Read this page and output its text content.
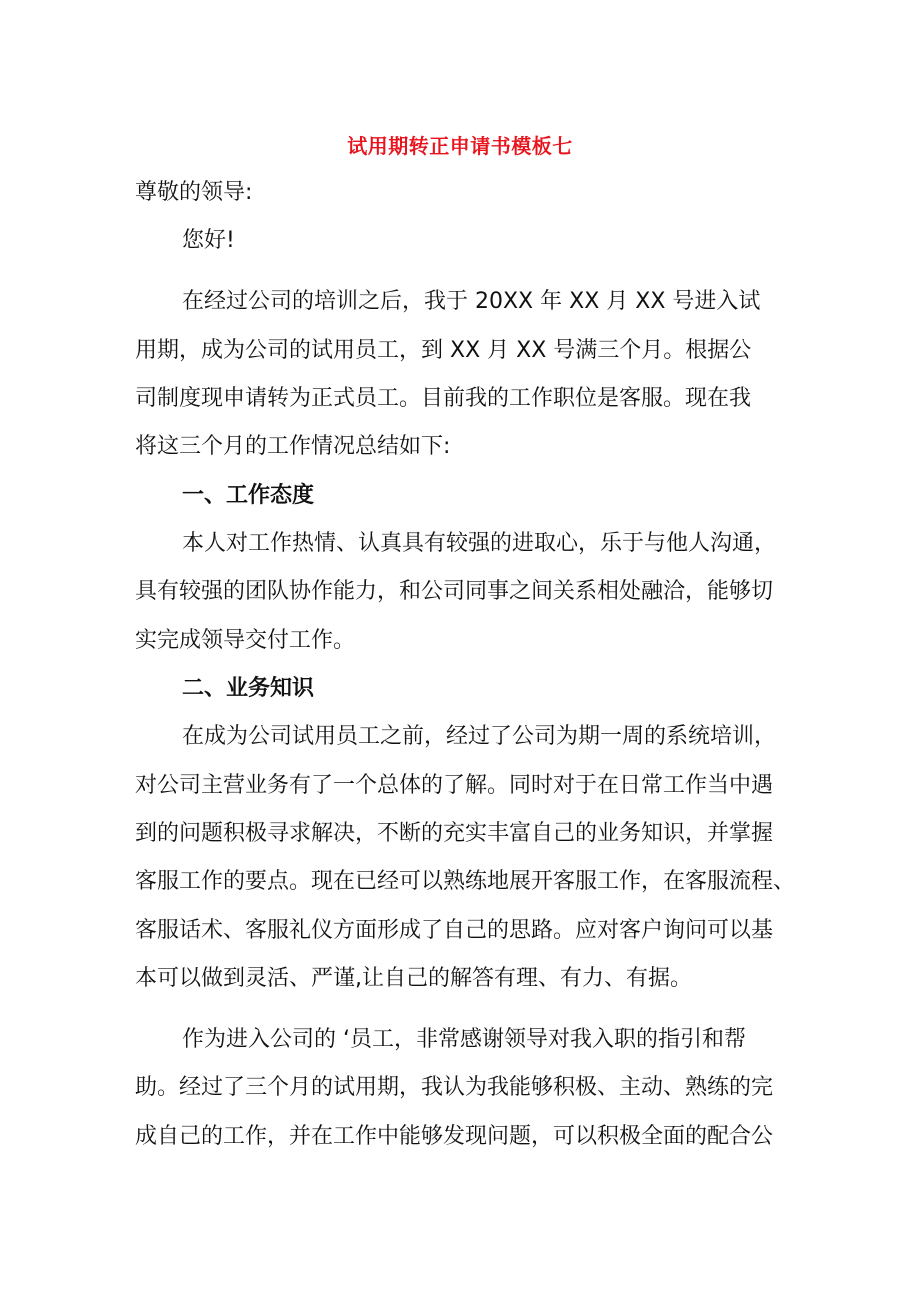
试用期转正申请书模板七
尊敬的领导:
您好!
在经过公司的培训之后，我于 20XX 年 XX 月 XX 号进入试
用期，成为公司的试用员工，到 XX 月 XX 号满三个月。根据公
司制度现申请转为正式员工。目前我的工作职位是客服。现在我
将这三个月的工作情况总结如下:
一、工作态度
本人对工作热情、认真具有较强的进取心，乐于与他人沟通，
具有较强的团队协作能力，和公司同事之间关系相处融洽，能够切
实完成领导交付工作。
二、业务知识
在成为公司试用员工之前，经过了公司为期一周的系统培训，
对公司主营业务有了一个总体的了解。同时对于在日常工作当中遇
到的问题积极寻求解决，不断的充实丰富自己的业务知识，并掌握
客服工作的要点。现在已经可以熟练地展开客服工作，在客服流程、
客服话术、客服礼仪方面形成了自己的思路。应对客户询问可以基
本可以做到灵活、严谨,让自己的解答有理、有力、有据。
作为进入公司的 ‘员工，非常感谢领导对我入职的指引和帮
助。经过了三个月的试用期，我认为我能够积极、主动、熟练的完
成自己的工作，并在工作中能够发现问题，可以积极全面的配合公
